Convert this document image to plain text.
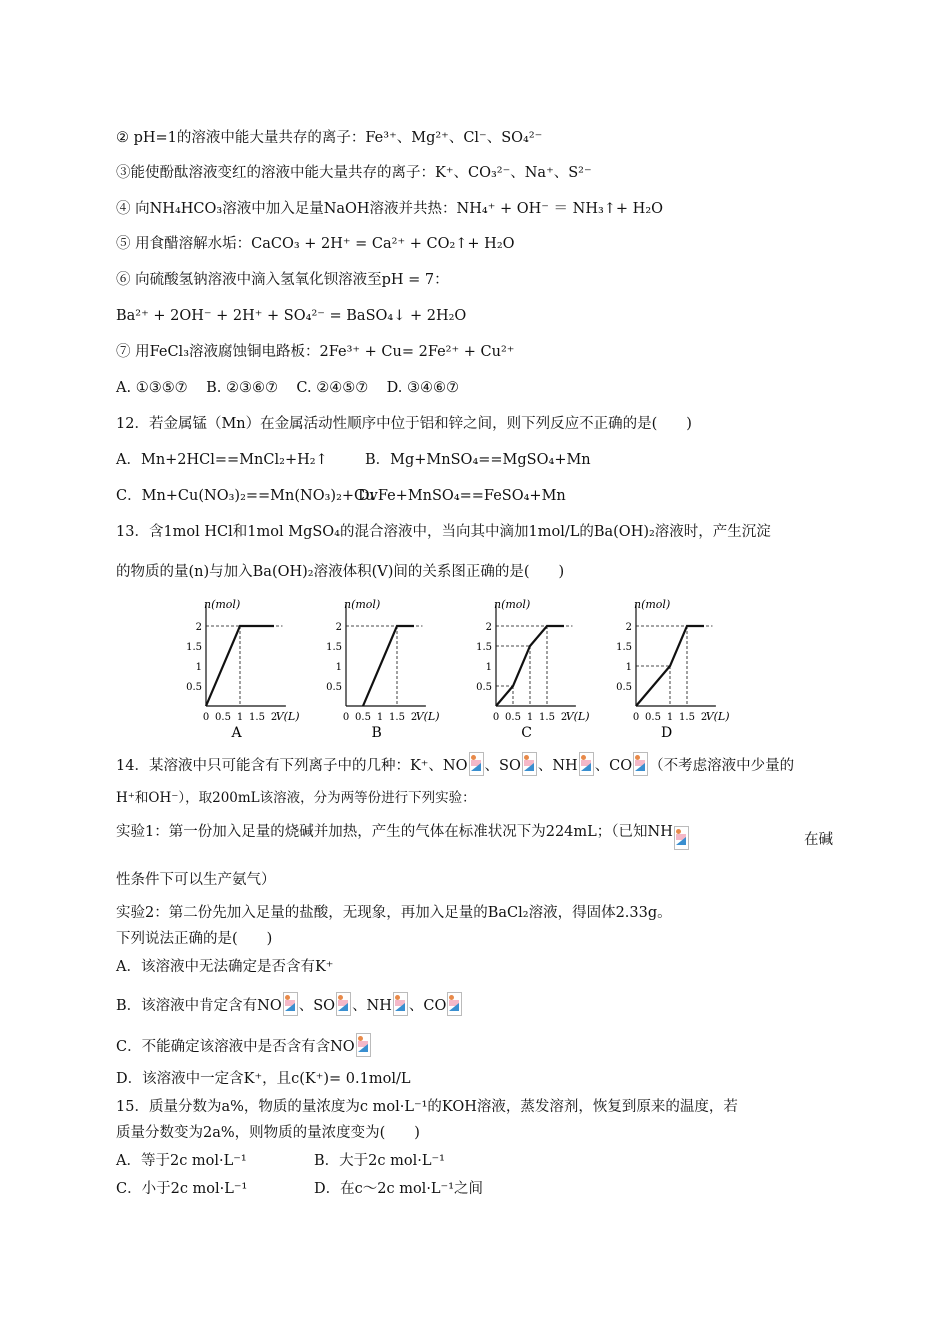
② pH=1的溶液中能大量共存的离子：Fe³⁺、Mg²⁺、Cl⁻、SO₄²⁻
③能使酚酞溶液变红的溶液中能大量共存的离子：K⁺、CO₃²⁻、Na⁺、S²⁻
④ 向NH₄HCO₃溶液中加入足量NaOH溶液并共热：NH₄⁺ + OH⁻ ＝ NH₃↑+ H₂O
⑤ 用食醋溶解水垢：CaCO₃ + 2H⁺ = Ca²⁺ + CO₂↑+ H₂O
⑥ 向硫酸氢钠溶液中滴入氢氧化钡溶液至pH = 7：
Ba²⁺ + 2OH⁻ + 2H⁺ + SO₄²⁻ = BaSO₄↓ + 2H₂O
⑦ 用FeCl₃溶液腐蚀铜电路板：2Fe³⁺ + Cu= 2Fe²⁺ + Cu²⁺
A. ①③⑤⑦    B. ②③⑥⑦    C. ②④⑤⑦    D. ③④⑥⑦
12．若金属锰（Mn）在金属活动性顺序中位于铝和锌之间，则下列反应不正确的是(　　)
A．Mn+2HCl==MnCl₂+H₂↑	B．Mg+MnSO₄==MgSO₄+Mn
C．Mn+Cu(NO₃)₂==Mn(NO₃)₂+Cu
DvFe+MnSO₄==FeSO₄+Mn
13．含1mol HCl和1mol MgSO₄的混合溶液中，当向其中滴加1mol/L的Ba(OH)₂溶液时，产生沉淀
的物质的量(n)与加入Ba(OH)₂溶液体积(V)间的关系图正确的是(　　)
n(mol)
V(L)
0.5
1
1.5
2
0 0.5 1 1.5 2
A
n(mol)
V(L)
0.5
1
1.5
2
0 0.5 1 1.5 2
B
n(mol)
V(L)
0.5
1
1.5
2
0 0.5 1 1.5 2
C
n(mol)
V(L)
0.5
1
1.5
2
0 0.5 1 1.5 2
D
14．某溶液中只可能含有下列离子中的几种：K⁺、NO 、SO 、NH 、CO （不考虑溶液中少量的
H⁺和OH⁻），取200mL该溶液，分为两等份进行下列实验：
实验1：第一份加入足量的烧碱并加热，产生的气体在标准状况下为224mL；（已知NH	在碱
性条件下可以生产氨气）
实验2：第二份先加入足量的盐酸，无现象，再加入足量的BaCl₂溶液，得固体2.33g。
下列说法正确的是(　　)
A．该溶液中无法确定是否含有K⁺
B．该溶液中肯定含有NO 、SO 、NH 、CO
C．不能确定该溶液中是否含有含NO
D．该溶液中一定含K⁺，且c(K⁺)= 0.1mol/L
15．质量分数为a%，物质的量浓度为c mol·L⁻¹的KOH溶液，蒸发溶剂，恢复到原来的温度，若
质量分数变为2a%，则物质的量浓度变为(　　)
A．等于2c mol·L⁻¹	B．大于2c mol·L⁻¹
C．小于2c mol·L⁻¹	D．在c～2c mol·L⁻¹之间
